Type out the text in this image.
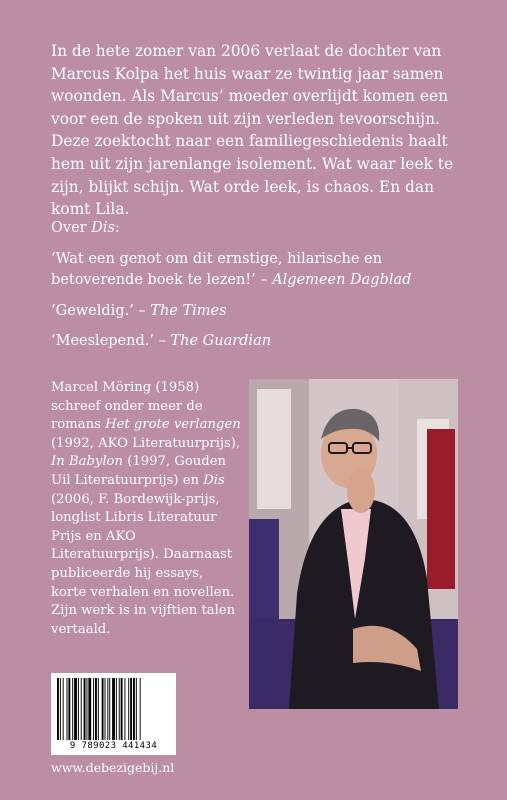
In de hete zomer van 2006 verlaat de dochter van Marcus Kolpa het huis waar ze twintig jaar samen woonden. Als Marcus’ moeder overlijdt komen een voor een de spoken uit zijn verleden tevoorschijn. Deze zoektocht naar een familiegeschiedenis haalt hem uit zijn jarenlange isolement. Wat waar leek te zijn, blijkt schijn. Wat orde leek, is chaos. En dan komt Lila.

Over Dis:

‘Wat een genot om dit ernstige, hilarische en betoverende boek te lezen!’ – Algemeen Dagblad

‘Geweldig.’ – The Times

‘Meeslepend.’ – The Guardian

Marcel Möring (1958) schreef onder meer de romans Het grote verlangen (1992, AKO Literatuurprijs), In Babylon (1997, Gouden Uil Literatuurprijs) en Dis (2006, F. Bordewijk-prijs, longlist Libris Literatuur Prijs en AKO Literatuurprijs). Daarnaast publiceerde hij essays, korte verhalen en novellen. Zijn werk is in vijftien talen vertaald.

9 789023 441434

www.debezigebij.nl
